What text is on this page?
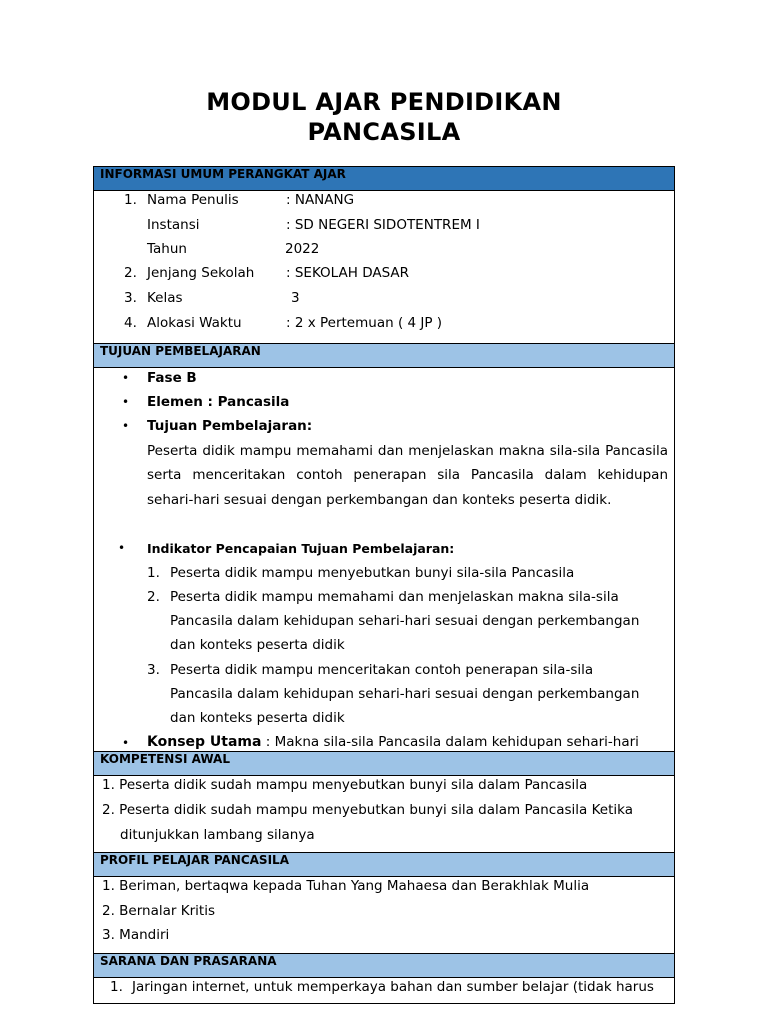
MODUL AJAR PENDIDIKAN
PANCASILA
INFORMASI UMUM PERANGKAT AJAR
1. Nama Penulis	: NANANG
Instansi	: SD NEGERI SIDOTENTREM I
Tahun	2022
2. Jenjang Sekolah : SEKOLAH DASAR
3. Kelas	3
4. Alokasi Waktu	: 2 x Pertemuan ( 4 JP )
TUJUAN PEMBELAJARAN
• Fase B
• Elemen : Pancasila
• Tujuan Pembelajaran:
Peserta didik mampu memahami dan menjelaskan makna sila-sila Pancasila serta menceritakan contoh penerapan sila Pancasila dalam kehidupan sehari-hari sesuai dengan perkembangan dan konteks peserta didik.
• Indikator Pencapaian Tujuan Pembelajaran:
1. Peserta didik mampu menyebutkan bunyi sila-sila Pancasila
2. Peserta didik mampu memahami dan menjelaskan makna sila-sila
Pancasila dalam kehidupan sehari-hari sesuai dengan perkembangan
dan konteks peserta didik
3. Peserta didik mampu menceritakan contoh penerapan sila-sila
Pancasila dalam kehidupan sehari-hari sesuai dengan perkembangan
dan konteks peserta didik
• Konsep Utama : Makna sila-sila Pancasila dalam kehidupan sehari-hari
KOMPETENSI AWAL
1. Peserta didik sudah mampu menyebutkan bunyi sila dalam Pancasila
2. Peserta didik sudah mampu menyebutkan bunyi sila dalam Pancasila Ketika
ditunjukkan lambang silanya
PROFIL PELAJAR PANCASILA
1. Beriman, bertaqwa kepada Tuhan Yang Mahaesa dan Berakhlak Mulia
2. Bernalar Kritis
3. Mandiri
SARANA DAN PRASARANA
1. Jaringan internet, untuk memperkaya bahan dan sumber belajar (tidak harus
